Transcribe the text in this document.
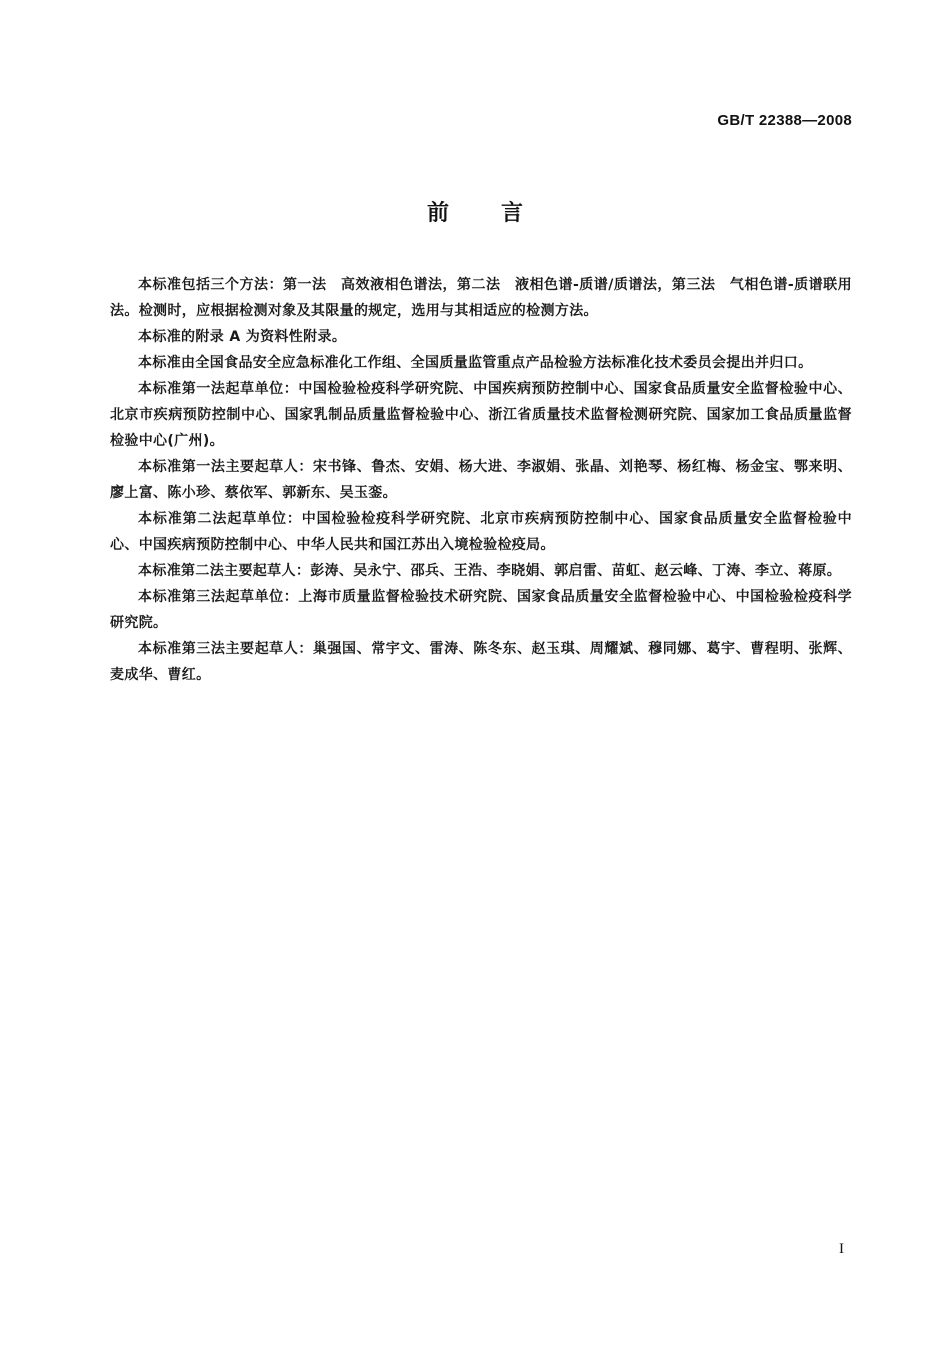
GB/T 22388—2008
前言

本标准包括三个方法：第一法　高效液相色谱法，第二法　液相色谱-质谱/质谱法，第三法　气相色谱-质谱联用法。检测时，应根据检测对象及其限量的规定，选用与其相适应的检测方法。

本标准的附录 A 为资料性附录。

本标准由全国食品安全应急标准化工作组、全国质量监管重点产品检验方法标准化技术委员会提出并归口。

本标准第一法起草单位：中国检验检疫科学研究院、中国疾病预防控制中心、国家食品质量安全监督检验中心、北京市疾病预防控制中心、国家乳制品质量监督检验中心、浙江省质量技术监督检测研究院、国家加工食品质量监督检验中心(广州)。

本标准第一法主要起草人：宋书锋、鲁杰、安娟、杨大进、李淑娟、张晶、刘艳琴、杨红梅、杨金宝、鄂来明、廖上富、陈小珍、蔡依军、郭新东、吴玉銮。

本标准第二法起草单位：中国检验检疫科学研究院、北京市疾病预防控制中心、国家食品质量安全监督检验中心、中国疾病预防控制中心、中华人民共和国江苏出入境检验检疫局。

本标准第二法主要起草人：彭涛、吴永宁、邵兵、王浩、李晓娟、郭启雷、苗虹、赵云峰、丁涛、李立、蒋原。

本标准第三法起草单位：上海市质量监督检验技术研究院、国家食品质量安全监督检验中心、中国检验检疫科学研究院。

本标准第三法主要起草人：巢强国、常宇文、雷涛、陈冬东、赵玉琪、周耀斌、穆同娜、葛宇、曹程明、张辉、麦成华、曹红。

I
